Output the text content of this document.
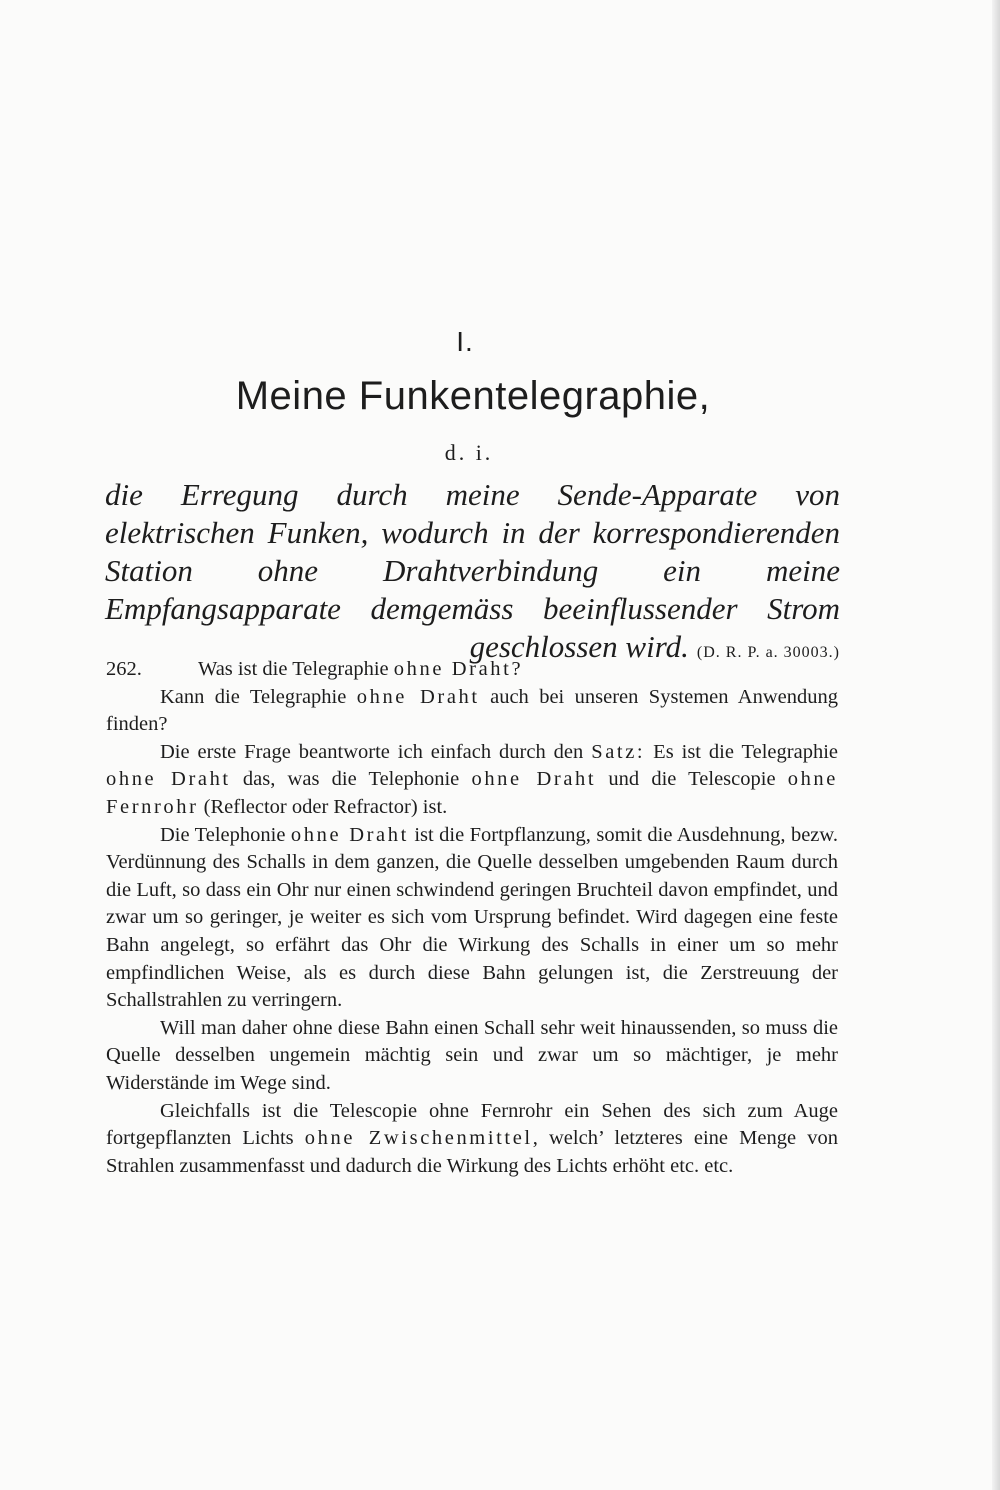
I.
Meine Funkentelegraphie,
d. i.
die Erregung durch meine Sende-Apparate von elektrischen Funken, wodurch in der korrespondierenden Station ohne Drahtverbindung ein meine Empfangsapparate demgemäss beeinflussender Strom geschlossen wird. (D. R. P. a. 30003.)

262.	Was ist die Telegraphie ohne Draht?

Kann die Telegraphie ohne Draht auch bei unseren Systemen Anwendung finden?

Die erste Frage beantworte ich einfach durch den Satz: Es ist die Telegraphie ohne Draht das, was die Telephonie ohne Draht und die Telescopie ohne Fernrohr (Reflector oder Refractor) ist.

Die Telephonie ohne Draht ist die Fortpflanzung, somit die Ausdehnung, bezw. Verdünnung des Schalls in dem ganzen, die Quelle desselben umgebenden Raum durch die Luft, so dass ein Ohr nur einen schwindend geringen Bruchteil davon empfindet, und zwar um so geringer, je weiter es sich vom Ursprung befindet. Wird dagegen eine feste Bahn angelegt, so erfährt das Ohr die Wirkung des Schalls in einer um so mehr empfindlichen Weise, als es durch diese Bahn gelungen ist, die Zerstreuung der Schallstrahlen zu verringern.

Will man daher ohne diese Bahn einen Schall sehr weit hinaussenden, so muss die Quelle desselben ungemein mächtig sein und zwar um so mächtiger, je mehr Widerstände im Wege sind.

Gleichfalls ist die Telescopie ohne Fernrohr ein Sehen des sich zum Auge fortgepflanzten Lichts ohne Zwischenmittel, welch’ letzteres eine Menge von Strahlen zusammenfasst und dadurch die Wirkung des Lichts erhöht etc. etc.
